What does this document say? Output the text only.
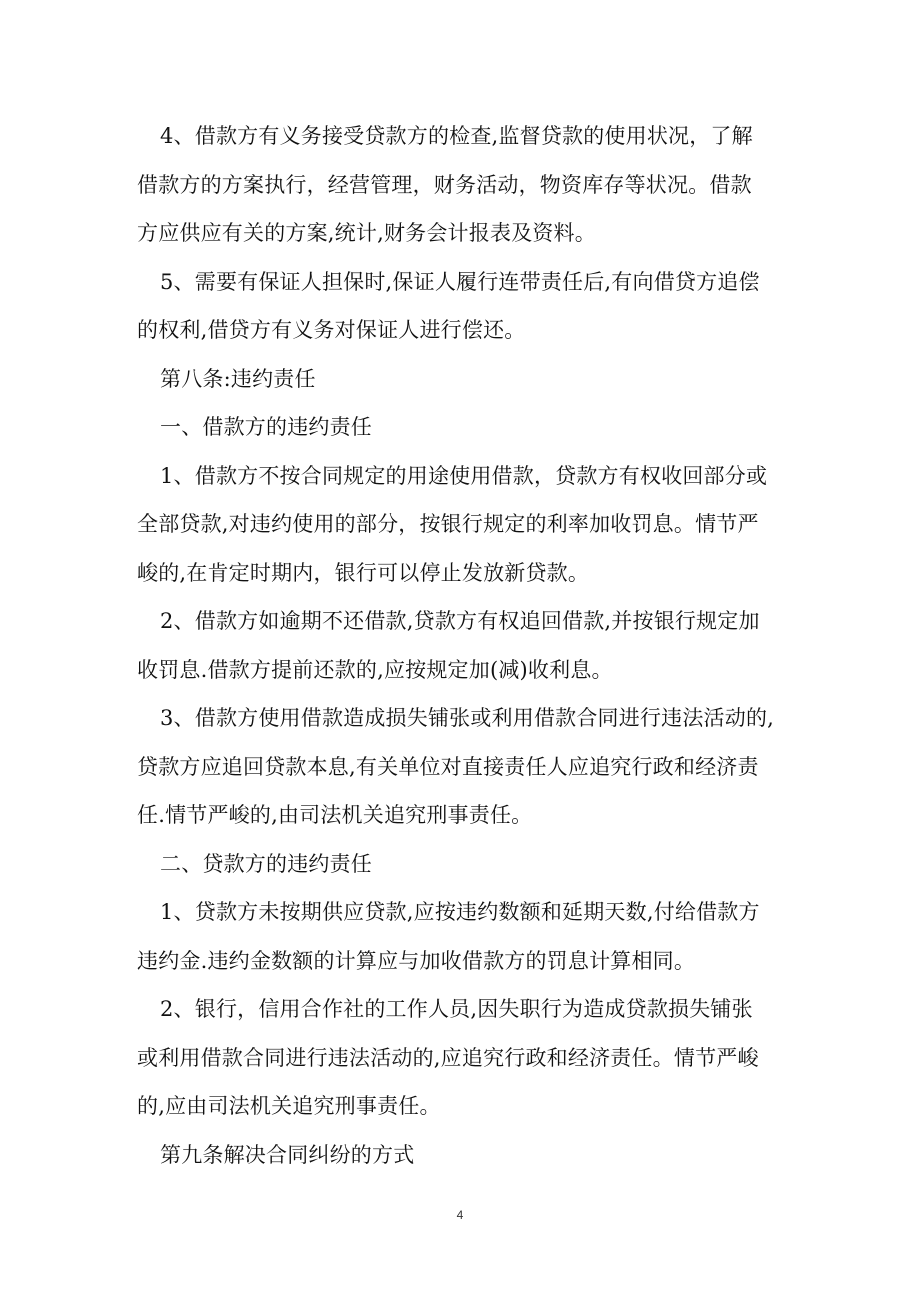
4、借款方有义务接受贷款方的检查,监督贷款的使用状况，了解
借款方的方案执行，经营管理，财务活动，物资库存等状况。借款
方应供应有关的方案,统计,财务会计报表及资料。
5、需要有保证人担保时,保证人履行连带责任后,有向借贷方追偿
的权利,借贷方有义务对保证人进行偿还。
第八条:违约责任
一、借款方的违约责任
1、借款方不按合同规定的用途使用借款，贷款方有权收回部分或
全部贷款,对违约使用的部分，按银行规定的利率加收罚息。情节严
峻的,在肯定时期内，银行可以停止发放新贷款。
2、借款方如逾期不还借款,贷款方有权追回借款,并按银行规定加
收罚息.借款方提前还款的,应按规定加(减)收利息。
3、借款方使用借款造成损失铺张或利用借款合同进行违法活动的,
贷款方应追回贷款本息,有关单位对直接责任人应追究行政和经济责
任.情节严峻的,由司法机关追究刑事责任。
二、贷款方的违约责任
1、贷款方未按期供应贷款,应按违约数额和延期天数,付给借款方
违约金.违约金数额的计算应与加收借款方的罚息计算相同。
2、银行，信用合作社的工作人员,因失职行为造成贷款损失铺张
或利用借款合同进行违法活动的,应追究行政和经济责任。情节严峻
的,应由司法机关追究刑事责任。
第九条解决合同纠纷的方式
4
